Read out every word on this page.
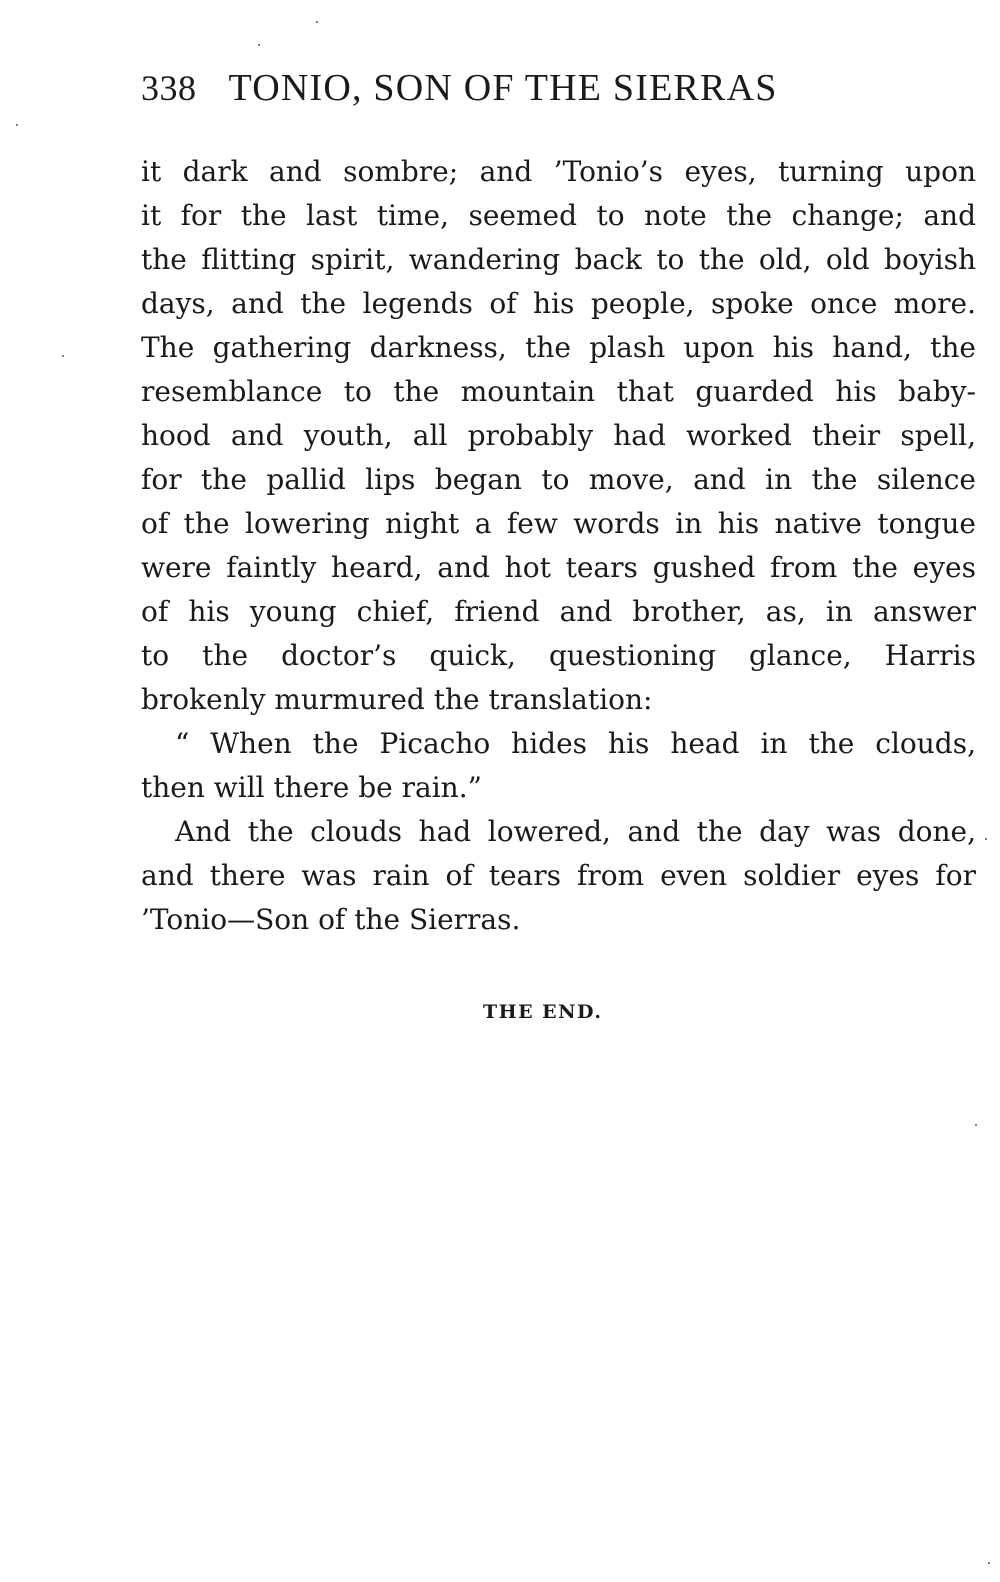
338 TONIO, SON OF THE SIERRAS
it dark and sombre; and ’Tonio’s eyes, turning upon
it for the last time, seemed to note the change; and
the flitting spirit, wandering back to the old, old boyish
days, and the legends of his people, spoke once more.
The gathering darkness, the plash upon his hand, the
resemblance to the mountain that guarded his baby-
hood and youth, all probably had worked their spell,
for the pallid lips began to move, and in the silence
of the lowering night a few words in his native tongue
were faintly heard, and hot tears gushed from the eyes
of his young chief, friend and brother, as, in answer
to the doctor’s quick, questioning glance, Harris
brokenly murmured the translation:
“ When the Picacho hides his head in the clouds,
then will there be rain.”
And the clouds had lowered, and the day was done,
and there was rain of tears from even soldier eyes for
’Tonio—Son of the Sierras.
THE END.
